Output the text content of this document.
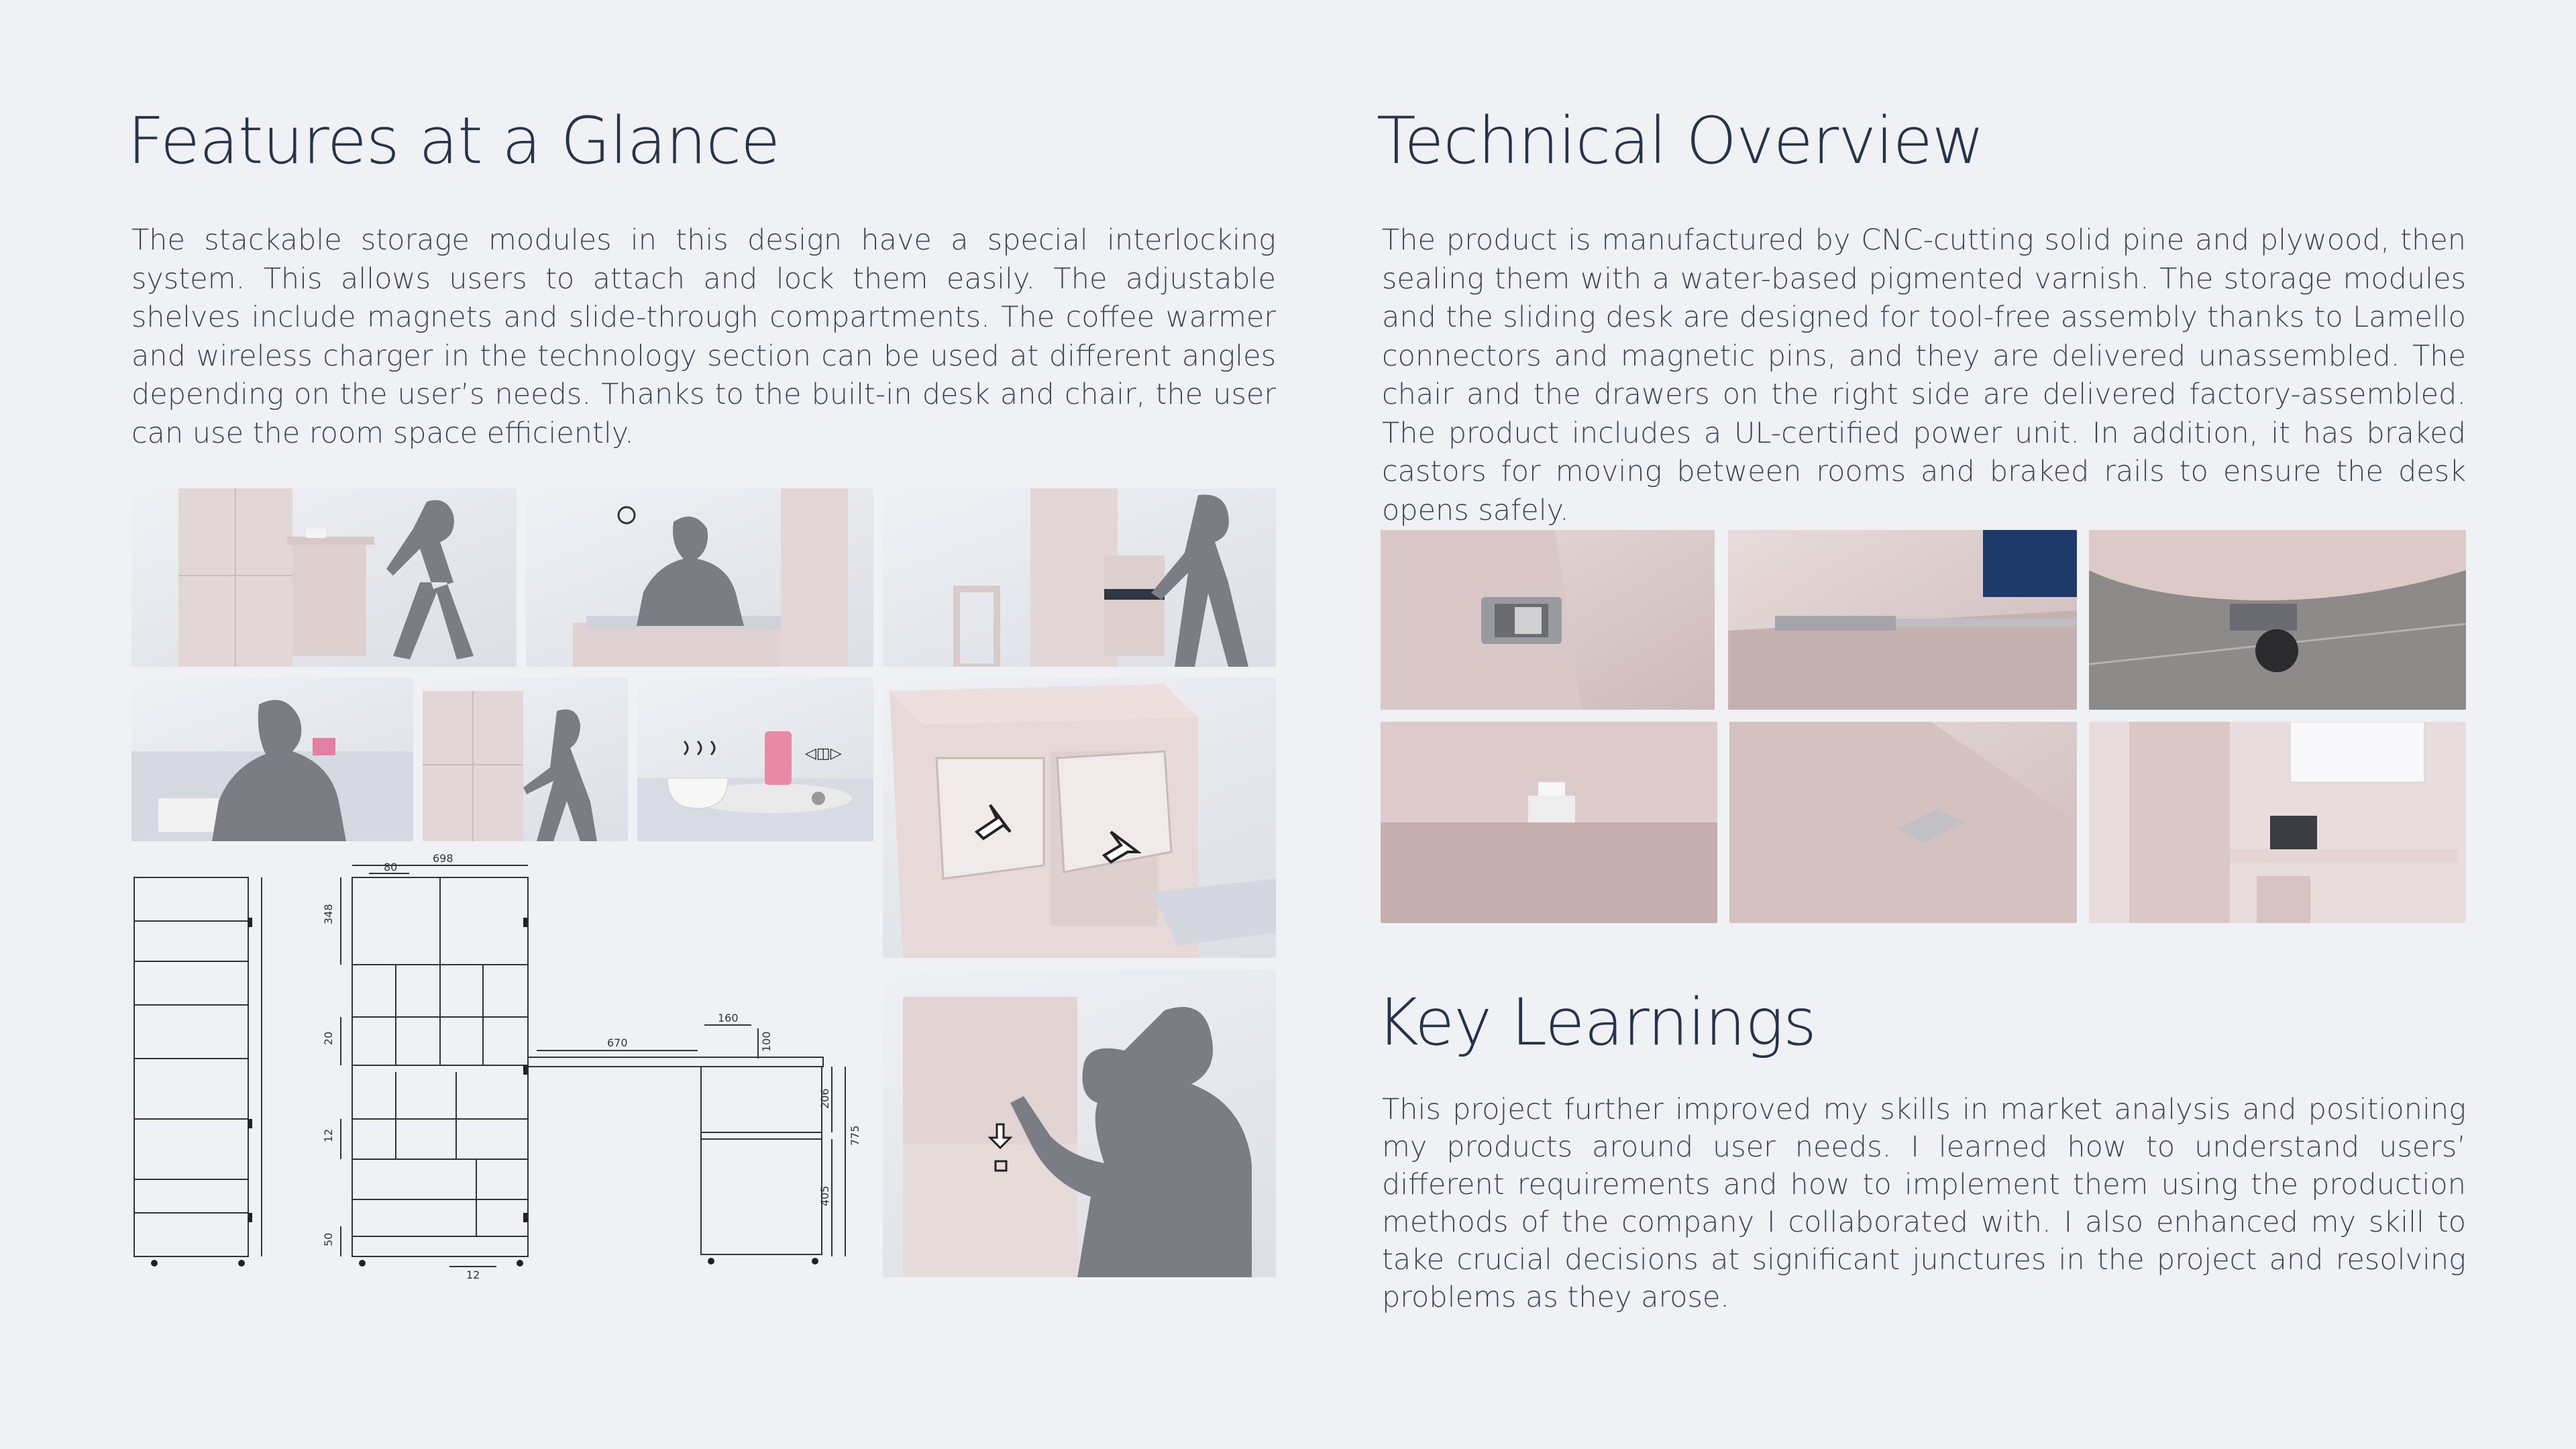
Features at a Glance

The stackable storage modules in this design have a special interlocking system. This allows users to attach and lock them easily. The adjustable shelves include magnets and slide-through compartments. The coffee warmer and wireless charger in the technology section can be used at different angles depending on the user’s needs. Thanks to the built-in desk and chair, the user can use the room space efficiently.

Technical Overview

The product is manufactured by CNC-cutting solid pine and plywood, then sealing them with a water-based pigmented varnish. The storage modules and the sliding desk are designed for tool-free assembly thanks to Lamello connectors and magnetic pins, and they are delivered unassembled. The chair and the drawers on the right side are delivered factory-assembled. The product includes a UL-certified power unit. In addition, it has braked castors for moving between rooms and braked rails to ensure the desk opens safely.

Key Learnings

This project further improved my skills in market analysis and positioning my products around user needs. I learned how to understand users’ different requirements and how to implement them using the production methods of the company I collaborated with. I also enhanced my skill to take crucial decisions at significant junctures in the project and resolving problems as they arose.

◁◫▷
80
698
348
20
12
50
670
160
100
206
775
405
12
